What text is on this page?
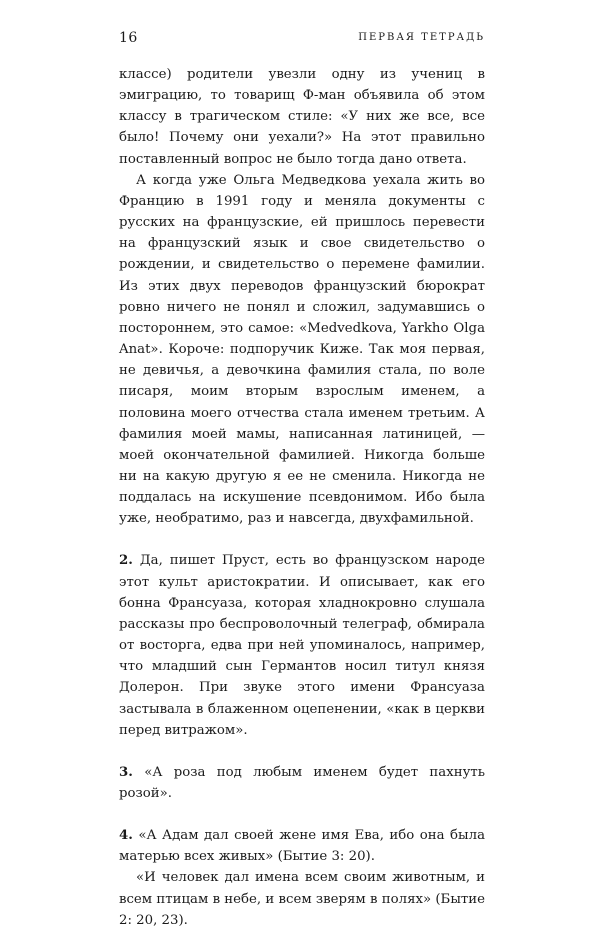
16	ПЕРВАЯ ТЕТРАДЬ

классе) родители увезли одну из учениц в эмиграцию, то товарищ Ф-ман объявила об этом классу в трагическом стиле: «У них же все, все было! Почему они уехали?» На этот правильно поставленный вопрос не было тогда дано ответа.

А когда уже Ольга Медведкова уехала жить во Францию в 1991 году и меняла документы с русских на французские, ей пришлось перевести на французский язык и свое свидетельство о рождении, и свидетельство о перемене фамилии. Из этих двух переводов французский бюрократ ровно ничего не понял и сложил, задумавшись о постороннем, это самое: «Medvedkova, Yarkho Olga Anat». Короче: подпоручик Киже. Так моя первая, не девичья, а девочкина фамилия стала, по воле писаря, моим вторым взрослым именем, а половина моего отчества стала именем третьим. А фамилия моей мамы, написанная латиницей, — моей окончательной фамилией. Никогда больше ни на какую другую я ее не сменила. Никогда не поддалась на искушение псевдонимом. Ибо была уже, необратимо, раз и навсегда, двухфамильной.

2. Да, пишет Пруст, есть во французском народе этот культ аристократии. И описывает, как его бонна Франсуаза, которая хладнокровно слушала рассказы про беспроволочный телеграф, обмирала от восторга, едва при ней упоминалось, например, что младший сын Германтов носил титул князя Долерон. При звуке этого имени Франсуаза застывала в блаженном оцепенении, «как в церкви перед витражом».

3. «А роза под любым именем будет пахнуть розой».

4. «А Адам дал своей жене имя Ева, ибо она была матерью всех живых» (Бытие 3: 20).

«И человек дал имена всем своим животным, и всем птицам в небе, и всем зверям в полях» (Бытие 2: 20, 23).
